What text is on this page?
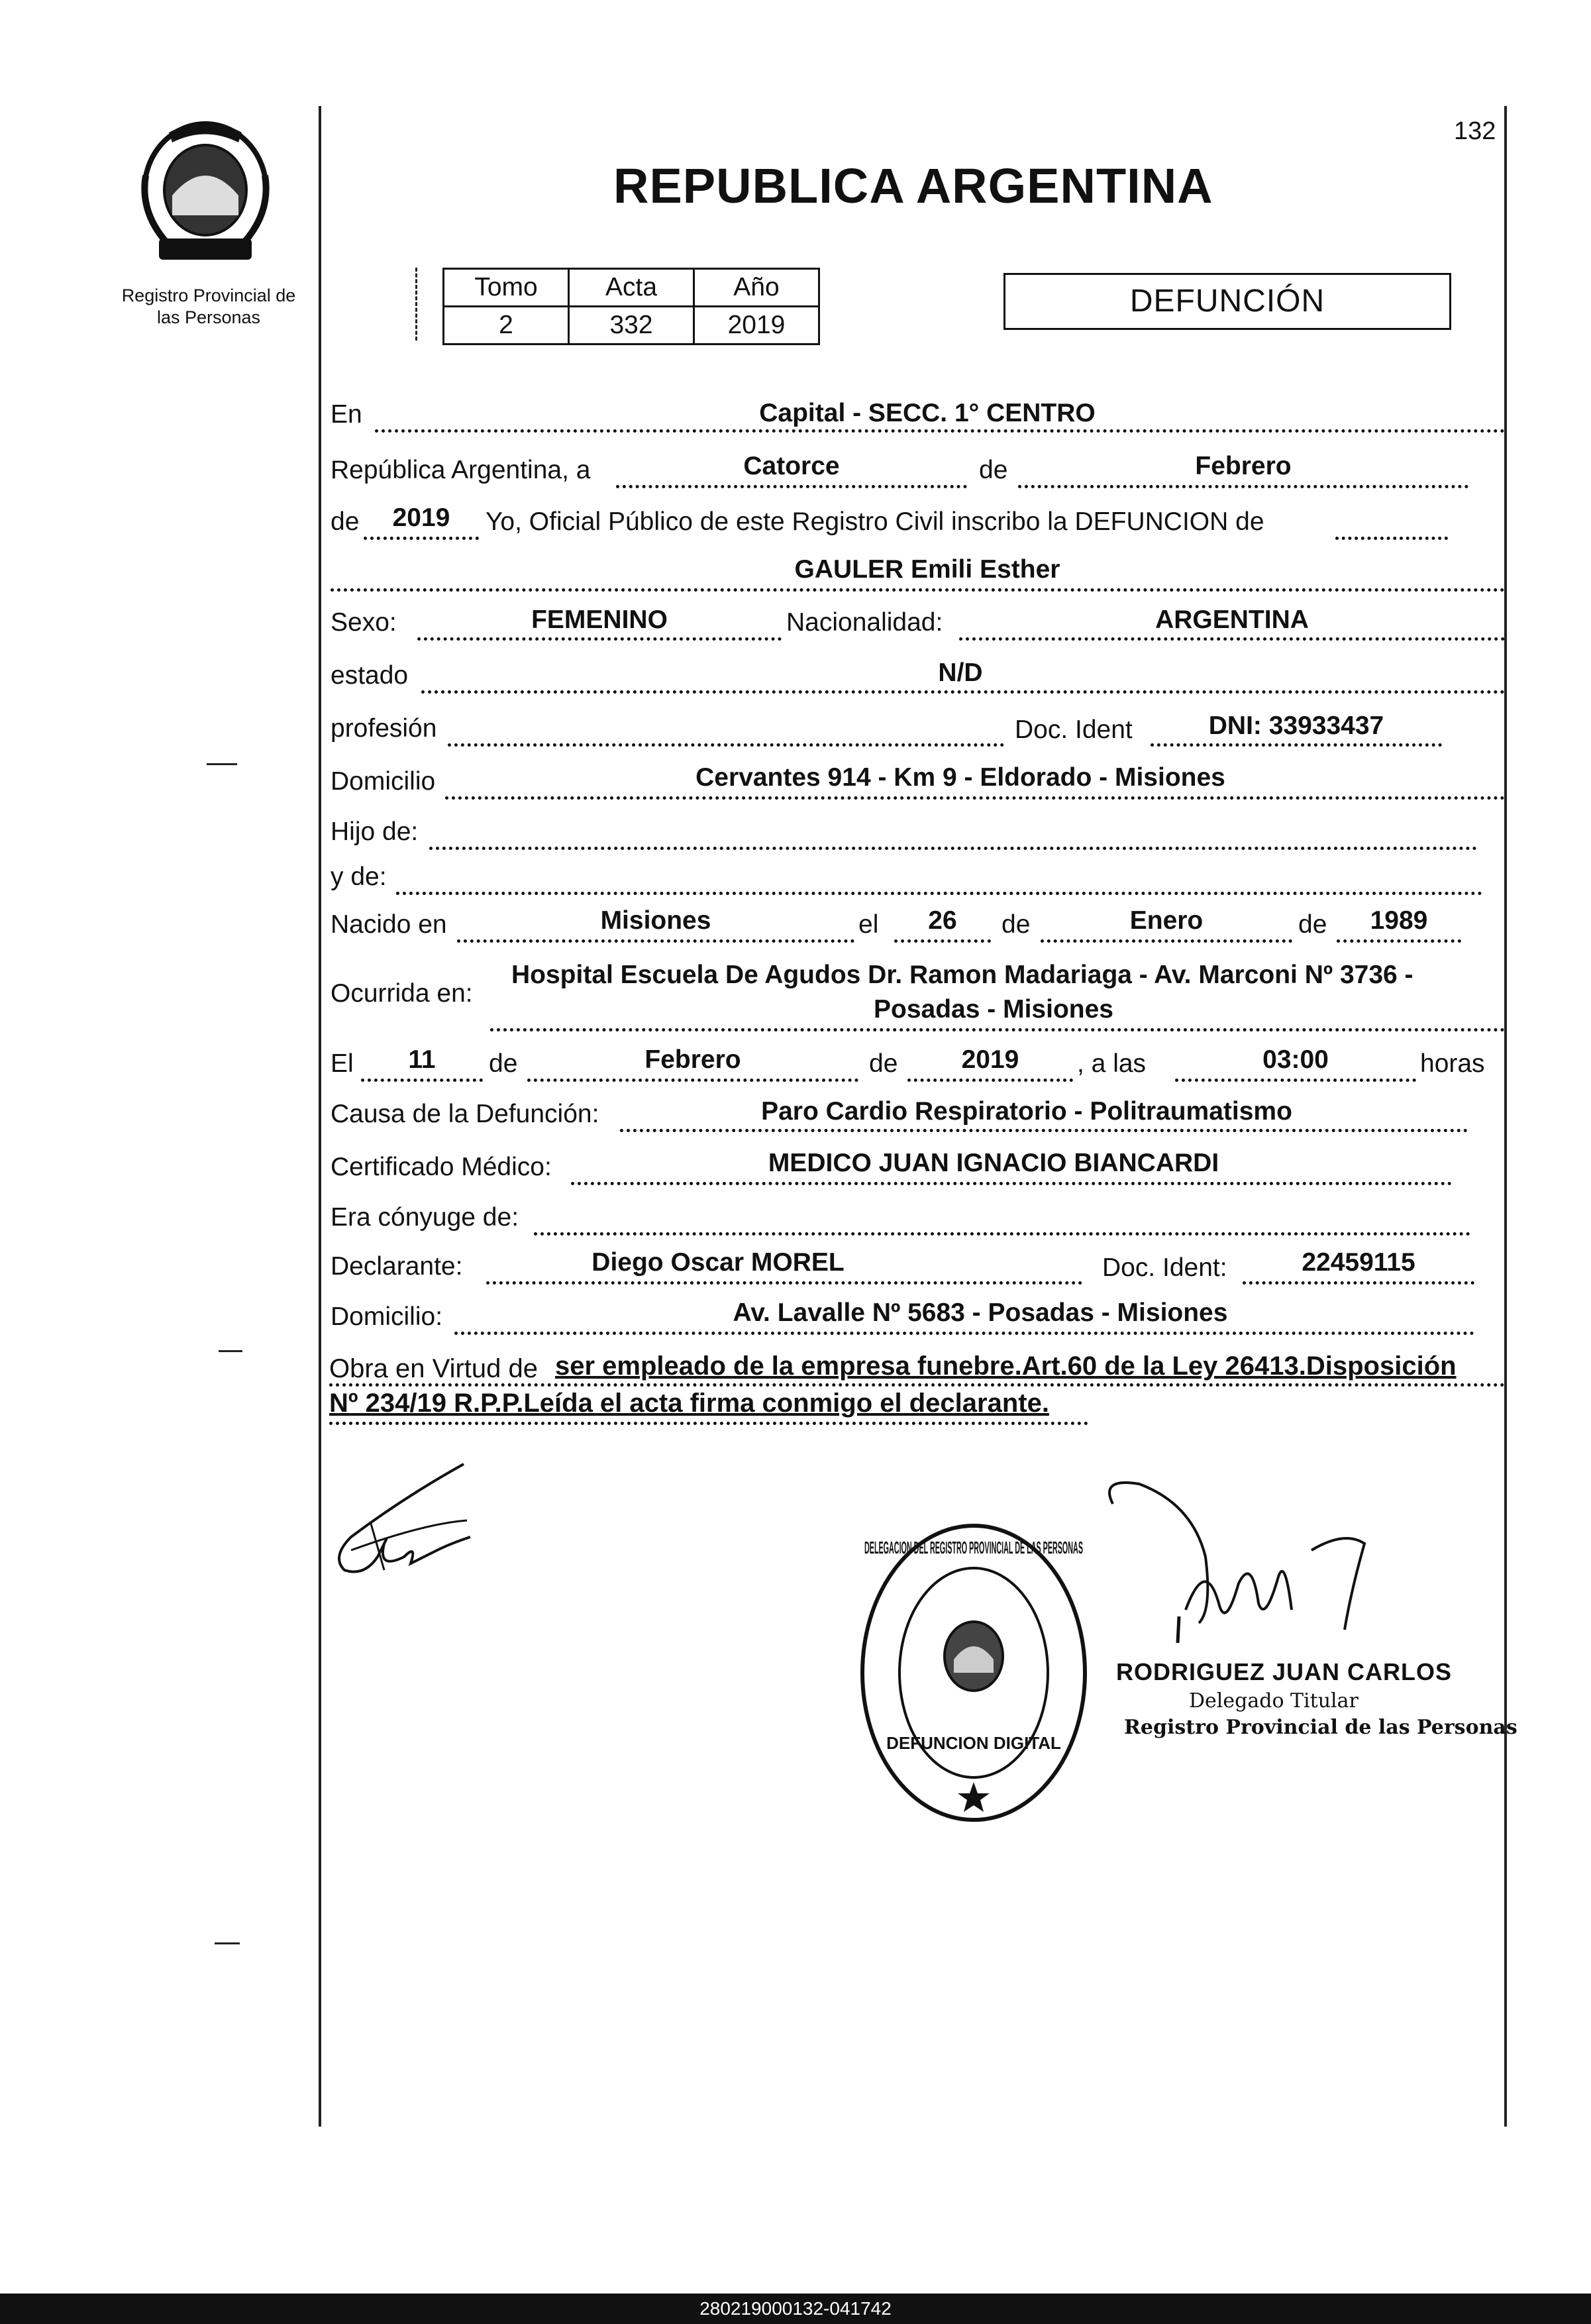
Registro Provincial de
las Personas
132
REPUBLICA ARGENTINA
Tomo	Acta	Año
2	332	2019
DEFUNCIÓN
En	Capital - SECC. 1° CENTRO
República Argentina, a	Catorce	de	Febrero
de	2019	Yo, Oficial Público de este Registro Civil inscribo la DEFUNCION de
GAULER Emili Esther
Sexo:	FEMENINO	Nacionalidad:	ARGENTINA
estado	N/D
profesión	Doc. Ident	DNI: 33933437
Domicilio	Cervantes 914 - Km 9 - Eldorado - Misiones
Hijo de:
y de:
Nacido en	Misiones	el	26	de	Enero	de	1989
Ocurrida en:
Hospital Escuela De Agudos Dr. Ramon Madariaga - Av. Marconi Nº 3736 -
Posadas - Misiones
El	11	de	Febrero	de	2019	, a las	03:00	horas
Causa de la Defunción:	Paro Cardio Respiratorio - Politraumatismo
Certificado Médico:	MEDICO JUAN IGNACIO BIANCARDI
Era cónyuge de:
Declarante:	Diego Oscar MOREL	Doc. Ident:	22459115
Domicilio:	Av. Lavalle Nº 5683 - Posadas - Misiones
Obra en Virtud de ser empleado de la empresa funebre.Art.60 de la Ley 26413.Disposición
Nº 234/19 R.P.P.Leída el acta firma conmigo el declarante.
DELEGACION DEL REGISTRO PROVINCIAL DE LAS PERSONAS
DEFUNCION DIGITAL
RODRIGUEZ JUAN CARLOS
Delegado Titular
Registro Provincial de las Personas
280219000132-041742
